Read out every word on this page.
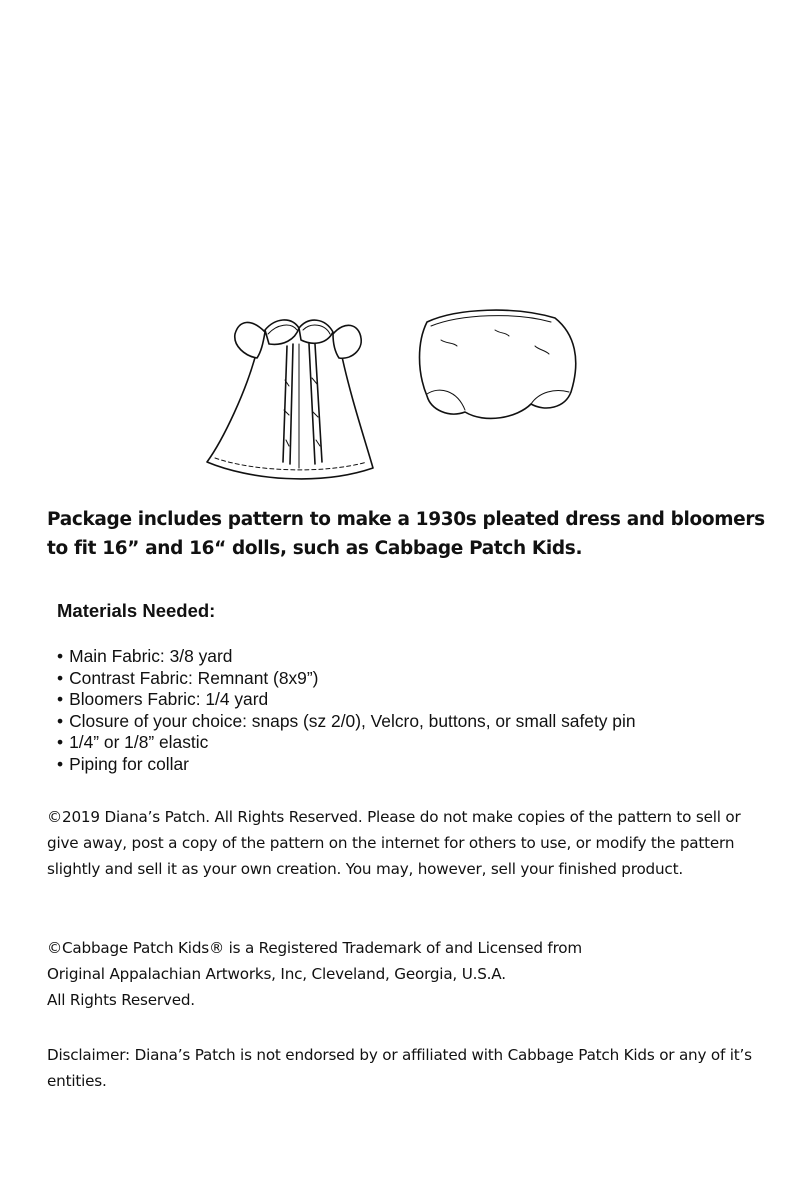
Package includes pattern to make a 1930s pleated dress and bloomers to fit 16” and 16“ dolls, such as Cabbage Patch Kids.
Materials Needed:
• Main Fabric: 3/8 yard
• Contrast Fabric: Remnant (8x9”)
• Bloomers Fabric: 1/4 yard
• Closure of your choice: snaps (sz 2/0), Velcro, buttons, or small safety pin
• 1/4” or 1/8” elastic
• Piping for collar

©2019 Diana’s Patch. All Rights Reserved. Please do not make copies of the pattern to sell or give away, post a copy of the pattern on the internet for others to use, or modify the pattern slightly and sell it as your own creation. You may, however, sell your finished product.

©Cabbage Patch Kids® is a Registered Trademark of and Licensed from
Original Appalachian Artworks, Inc, Cleveland, Georgia, U.S.A.
All Rights Reserved.

Disclaimer: Diana’s Patch is not endorsed by or affiliated with Cabbage Patch Kids or any of it’s entities.
